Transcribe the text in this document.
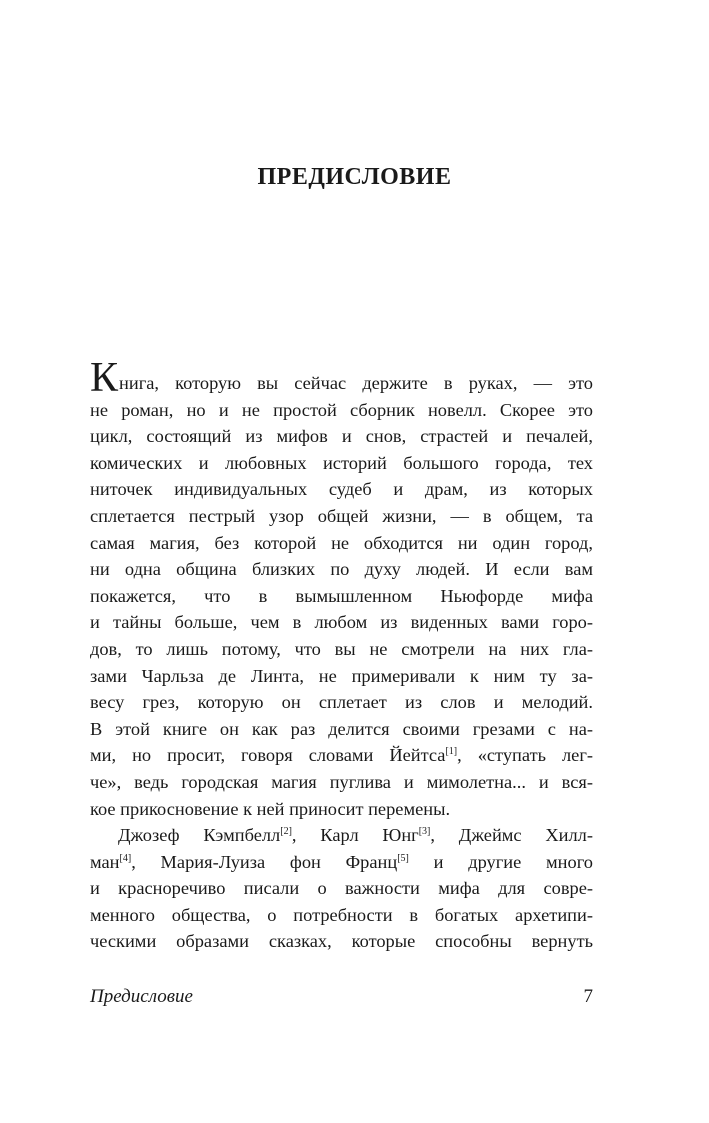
ПРЕДИСЛОВИЕ
Книга, которую вы сейчас держите в руках, — это
не роман, но и не простой сборник новелл. Скорее это
цикл, состоящий из мифов и снов, страстей и печалей,
комических и любовных историй большого города, тех
ниточек индивидуальных судеб и драм, из которых
сплетается пестрый узор общей жизни, — в общем, та
самая магия, без которой не обходится ни один город,
ни одна община близких по духу людей. И если вам
покажется, что в вымышленном Ньюфорде мифа
и тайны больше, чем в любом из виденных вами горо-
дов, то лишь потому, что вы не смотрели на них гла-
зами Чарльза де Линта, не примеривали к ним ту за-
весу грез, которую он сплетает из слов и мелодий.
В этой книге он как раз делится своими грезами с на-
ми, но просит, говоря словами Йейтса[1], «ступать лег-
че», ведь городская магия пуглива и мимолетна... и вся-
кое прикосновение к ней приносит перемены.
Джозеф Кэмпбелл[2], Карл Юнг[3], Джеймс Хилл-
ман[4], Мария-Луиза фон Франц[5] и другие много
и красноречиво писали о важности мифа для совре-
менного общества, о потребности в богатых архетипи-
ческими образами сказках, которые способны вернуть
Предисловие	7
